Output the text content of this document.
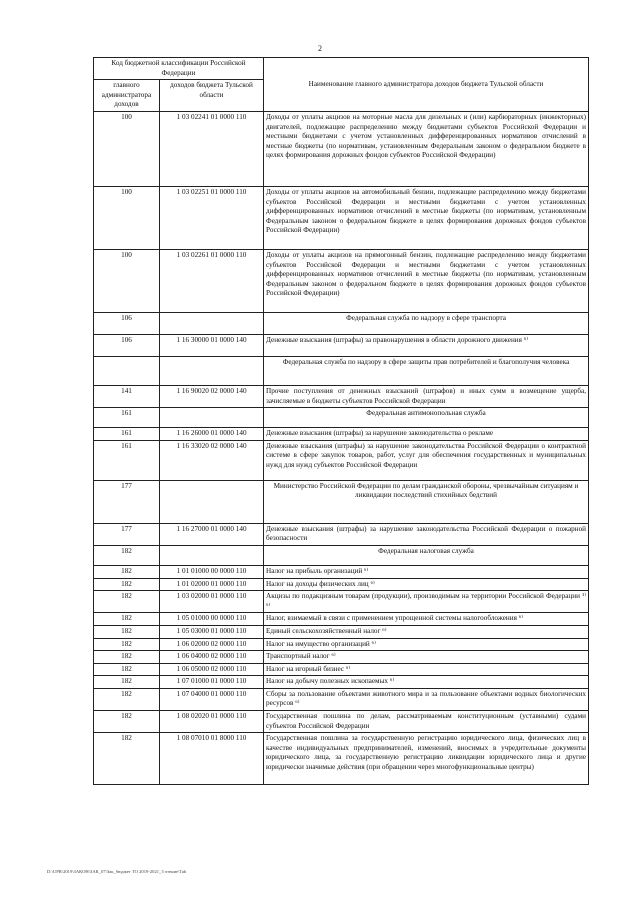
2
Код бюджетной классификации Российской Федерации		Наименование главного администратора доходов бюджета Тульской области
главного администратора доходов	доходов бюджета Тульской области	
100	1 03 02241 01 0000 110	Доходы от уплаты акцизов на моторные масла для дизельных и (или) карбюраторных (инжекторных) двигателей, подлежащие распределению между бюджетами субъектов Российской Федерации и местными бюджетами с учетом установленных дифференцированных нормативов отчислений в местные бюджеты (по нормативам, установленным Федеральным законом о федеральном бюджете в целях формирования дорожных фондов субъектов Российской Федерации)
100	1 03 02251 01 0000 110	Доходы от уплаты акцизов на автомобильный бензин, подлежащие распределению между бюджетами субъектов Российской Федерации и местными бюджетами с учетом установленных дифференцированных нормативов отчислений в местные бюджеты (по нормативам, установленным Федеральным законом о федеральном бюджете в целях формирования дорожных фондов субъектов Российской Федерации)
100	1 03 02261 01 0000 110	Доходы от уплаты акцизов на прямогонный бензин, подлежащие распределению между бюджетами субъектов Российской Федерации и местными бюджетами с учетом установленных дифференцированных нормативов отчислений в местные бюджеты (по нормативам, установленным Федеральным законом о федеральном бюджете в целях формирования дорожных фондов субъектов Российской Федерации)
106		Федеральная служба по надзору в сфере транспорта
106	1 16 30000 01 0000 140	Денежные взыскания (штрафы) за правонарушения в области дорожного движения ⁶⁾
		Федеральная служба по надзору в сфере защиты прав потребителей и благополучия человека
141	1 16 90020 02 0000 140	Прочие поступления от денежных взысканий (штрафов) и иных сумм в возмещение ущерба, зачисляемые в бюджеты субъектов Российской Федерации
161		Федеральная антимонопольная служба
161	1 16 26000 01 0000 140	Денежные взыскания (штрафы) за нарушение законодательства о рекламе
161	1 16 33020 02 0000 140	Денежные взыскания (штрафы) за нарушение законодательства Российской Федерации о контрактной системе в сфере закупок товаров, работ, услуг для обеспечения государственных и муниципальных нужд для нужд субъектов Российской Федерации
177		Министерство Российской Федерации по делам гражданской обороны, чрезвычайным ситуациям и ликвидации последствий стихийных бедствий
177	1 16 27000 01 0000 140	Денежные взыскания (штрафы) за нарушение законодательства Российской Федерации о пожарной безопасности
182		Федеральная налоговая служба
182	1 01 01000 00 0000 110	Налог на прибыль организаций ⁶⁾
182	1 01 02000 01 0000 110	Налог на доходы физических лиц ⁶⁾
182	1 03 02000 01 0000 110	Акцизы по подакцизным товарам (продукции), производимым на территории Российской Федерации ¹⁾ ⁶⁾
182	1 05 01000 00 0000 110	Налог, взимаемый в связи с применением упрощенной системы налогообложения ⁶⁾
182	1 05 03000 01 0000 110	Единый сельскохозяйственный налог ⁶⁾
182	1 06 02000 02 0000 110	Налог на имущество организаций ⁶⁾
182	1 06 04000 02 0000 110	Транспортный налог ⁶⁾
182	1 06 05000 02 0000 110	Налог на игорный бизнес ⁶⁾
182	1 07 01000 01 0000 110	Налог на добычу полезных ископаемых ⁶⁾
182	1 07 04000 01 0000 110	Сборы за пользование объектами животного мира и за пользование объектами водных биологических ресурсов ⁶⁾
182	1 08 02020 01 0000 110	Государственная пошлина по делам, рассматриваемым конституционным (уставными) судами субъектов Российской Федерации
182	1 08 07010 01 8000 110	Государственная пошлина за государственную регистрацию юридического лица, физических лиц в качестве индивидуальных предпринимателей, изменений, вносимых в учредительные документы юридического лица, за государственную регистрацию ликвидации юридического лица и другие юридически значимые действия (при обращении через многофункциональные центры)
D:\UPR\2019\ЗАКОН\ЗАК_07\Зак_бюджет ТО 2019-2021_3 чтение\Tab
